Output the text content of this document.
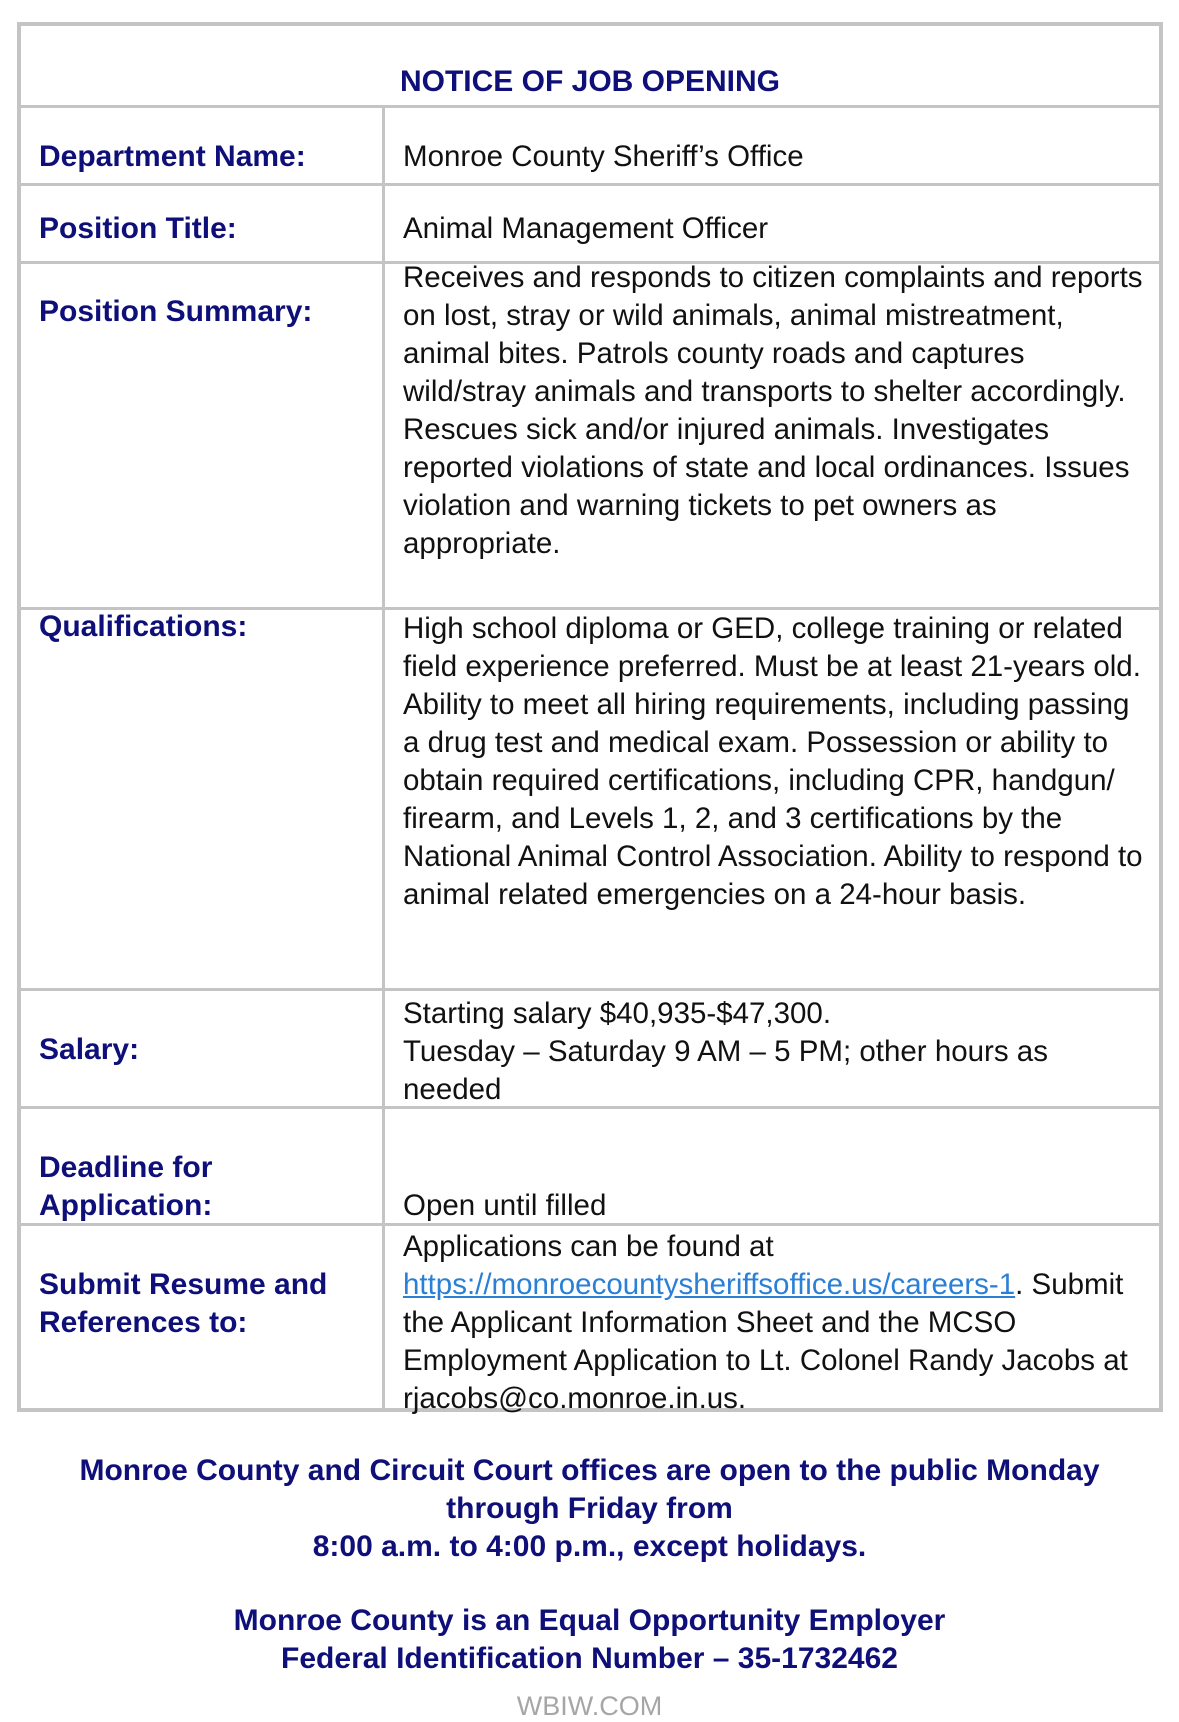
NOTICE OF JOB OPENING
Department Name:	Monroe County Sheriff’s Office
Position Title:	Animal Management Officer
Position Summary:
Receives and responds to citizen complaints and reports on lost, stray or wild animals, animal mistreatment, animal bites. Patrols county roads and captures wild/stray animals and transports to shelter accordingly. Rescues sick and/or injured animals. Investigates reported violations of state and local ordinances. Issues violation and warning tickets to pet owners as appropriate.
Qualifications:	High school diploma or GED, college training or related field experience preferred. Must be at least 21-years old. Ability to meet all hiring requirements, including passing a drug test and medical exam. Possession or ability to obtain required certifications, including CPR, handgun/ firearm, and Levels 1, 2, and 3 certifications by the National Animal Control Association. Ability to respond to animal related emergencies on a 24-hour basis.
Salary:
Starting salary $40,935-$47,300.
Tuesday – Saturday 9 AM – 5 PM; other hours as needed
Deadline for
Application:	Open until filled
Submit Resume and
References to:
Applications can be found at https://monroecountysheriffsoffice.us/careers-1. Submit the Applicant Information Sheet and the MCSO Employment Application to Lt. Colonel Randy Jacobs at rjacobs@co.monroe.in.us.
Monroe County and Circuit Court offices are open to the public Monday
through Friday from
8:00 a.m. to 4:00 p.m., except holidays.
Monroe County is an Equal Opportunity Employer
Federal Identification Number – 35-1732462
WBIW.COM
